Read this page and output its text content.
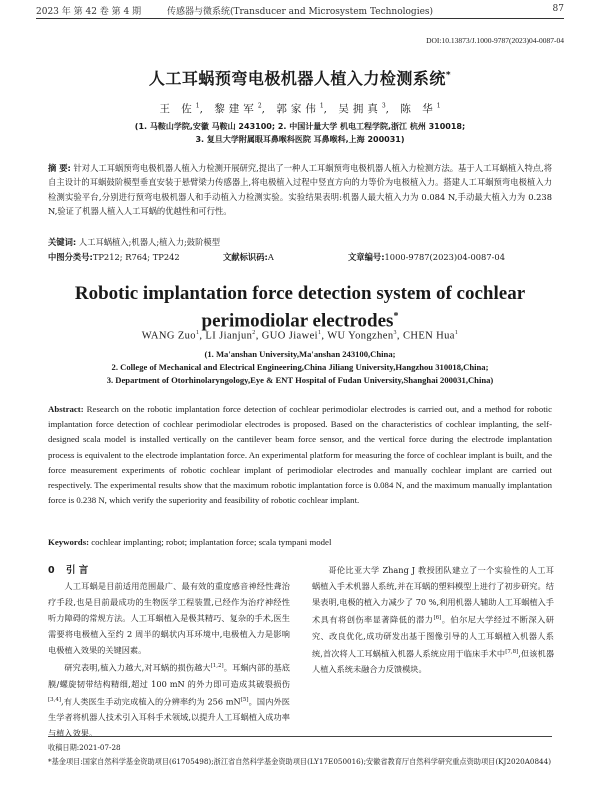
2023 年 第 42 卷 第 4 期	传感器与微系统(Transducer and Microsystem Technologies)	87
DOI:10.13873/J.1000-9787(2023)04-0087-04
人工耳蜗预弯电极机器人植入力检测系统*
王 佐$^1$, 黎建军$^2$, 郭家伟$^1$, 吴拥真$^3$, 陈 华$^1$
(1. 马鞍山学院,安徽 马鞍山 243100; 2. 中国计量大学 机电工程学院,浙江 杭州 310018;
3. 复旦大学附属眼耳鼻喉科医院 耳鼻喉科,上海 200031)
摘 要: 针对人工耳蜗预弯电极机器人植入力检测开展研究,提出了一种人工耳蜗预弯电极机器人植入力检测方法。基于人工耳蜗植入特点,将自主设计的耳蜗鼓阶模型垂直安装于悬臂梁力传感器上,将电极植入过程中竖直方向的力等价为电极植入力。搭建人工耳蜗预弯电极植入力检测实验平台,分别进行预弯电极机器人和手动植入力检测实验。实验结果表明:机器人最大植入力为 0.084 N,手动最大植入力为 0.238 N,验证了机器人植入人工耳蜗的优越性和可行性。
关键词: 人工耳蜗植入;机器人;植入力;鼓阶模型
中图分类号:TP212; R764; TP242	文献标识码:A	文章编号:1000-9787(2023)04-0087-04
Robotic implantation force detection system of cochlear
perimodiolar electrodes*
WANG Zuo$^1$, LI Jianjun$^2$, GUO Jiawei$^1$, WU Yongzhen$^3$, CHEN Hua$^1$
(1. Ma'anshan University,Ma'anshan 243100,China;
2. College of Mechanical and Electrical Engineering,China Jiliang University,Hangzhou 310018,China;
3. Department of Otorhinolaryngology,Eye & ENT Hospital of Fudan University,Shanghai 200031,China)
Abstract: Research on the robotic implantation force detection of cochlear perimodiolar electrodes is carried out, and a method for robotic implantation force detection of cochlear perimodiolar electrodes is proposed. Based on the characteristics of cochlear implanting, the self-designed scala model is installed vertically on the cantilever beam force sensor, and the vertical force during the electrode implantation process is equivalent to the electrode implantation force. An experimental platform for measuring the force of cochlear implant is built, and the force measurement experiments of robotic cochlear implant of perimodiolar electrodes and manually cochlear implant are carried out respectively. The experimental results show that the maximum robotic implantation force is 0.084 N, and the maximum manually implantation force is 0.238 N, which verify the superiority and feasibility of robotic cochlear implant.
Keywords: cochlear implanting; robot; implantation force; scala tympani model
0 引 言

人工耳蜗是目前适用范围最广、最有效的重度感音神经性聋治疗手段,也是目前最成功的生物医学工程装置,已经作为治疗神经性听力障碍的常规方法。人工耳蜗植入是极其精巧、复杂的手术,医生需要将电极植入至约 2 周半的蜗状内耳环境中,电极植入力是影响电极植入效果的关键因素。

研究表明,植入力越大,对耳蜗的损伤越大[1,2]。耳蜗内部的基底膜/螺旋韧带结构精细,超过 100 mN 的外力即可造成其破裂损伤[3,4],有人类医生手动完成植入的分辨率约为 256 mN[5]。国内外医生学者将机器人技术引入耳科手术领域,以提升人工耳蜗植入成功率与植入效果。

哥伦比亚大学 Zhang J 教授团队建立了一个实验性的人工耳蜗植入手术机器人系统,并在耳蜗的塑料模型上进行了初步研究。结果表明,电极的植入力减少了 70 %,利用机器人辅助人工耳蜗植入手术具有将创伤率显著降低的潜力[6]。伯尔尼大学经过不断深入研究、改良优化,成功研发出基于图像引导的人工耳蜗植入机器人系统,首次将人工耳蜗植入机器人系统应用于临床手术中[7,8],但该机器人植入系统未融合力反馈模块。

收稿日期:2021-07-28
*基金项目:国家自然科学基金资助项目(61705498);浙江省自然科学基金资助项目(LY17E050016);安徽省教育厅自然科学研究重点资助项目(KJ2020A0844)
